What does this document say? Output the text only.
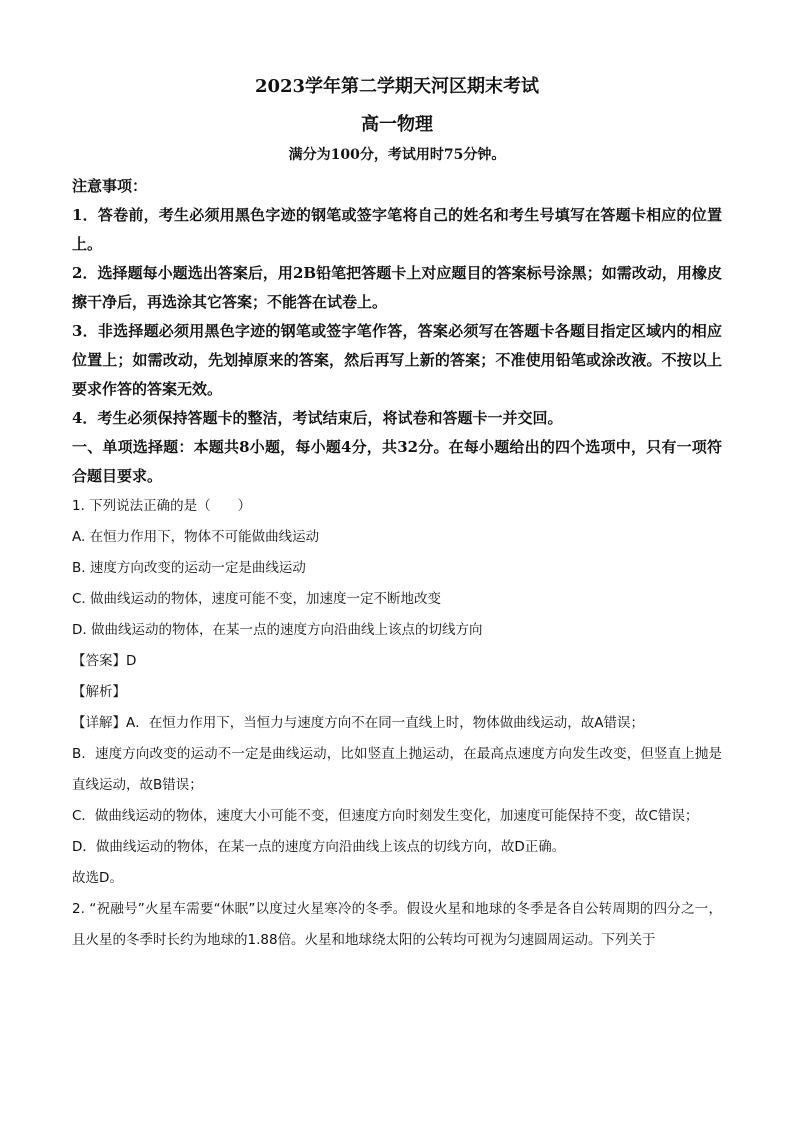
2023学年第二学期天河区期末考试

高一物理

满分为100分，考试用时75分钟。

注意事项：

1．答卷前，考生必须用黑色字迹的钢笔或签字笔将自己的姓名和考生号填写在答题卡相应的位置上。

2．选择题每小题选出答案后，用2B铅笔把答题卡上对应题目的答案标号涂黑；如需改动，用橡皮擦干净后，再选涂其它答案；不能答在试卷上。

3．非选择题必须用黑色字迹的钢笔或签字笔作答，答案必须写在答题卡各题目指定区域内的相应位置上；如需改动，先划掉原来的答案，然后再写上新的答案；不准使用铅笔或涂改液。不按以上要求作答的答案无效。

4．考生必须保持答题卡的整洁，考试结束后，将试卷和答题卡一并交回。

一、单项选择题：本题共8小题，每小题4分，共32分。在每小题给出的四个选项中，只有一项符合题目要求。

1. 下列说法正确的是（　　）

A. 在恒力作用下，物体不可能做曲线运动

B. 速度方向改变的运动一定是曲线运动

C. 做曲线运动的物体，速度可能不变，加速度一定不断地改变

D. 做曲线运动的物体，在某一点的速度方向沿曲线上该点的切线方向

【答案】D

【解析】

【详解】A．在恒力作用下，当恒力与速度方向不在同一直线上时，物体做曲线运动，故A错误；

B．速度方向改变的运动不一定是曲线运动，比如竖直上抛运动，在最高点速度方向发生改变，但竖直上抛是直线运动，故B错误；

C．做曲线运动的物体，速度大小可能不变，但速度方向时刻发生变化，加速度可能保持不变，故C错误；

D．做曲线运动的物体，在某一点的速度方向沿曲线上该点的切线方向，故D正确。

故选D。

2. “祝融号”火星车需要“休眠”以度过火星寒冷的冬季。假设火星和地球的冬季是各自公转周期的四分之一，且火星的冬季时长约为地球的1.88倍。火星和地球绕太阳的公转均可视为匀速圆周运动。下列关于
